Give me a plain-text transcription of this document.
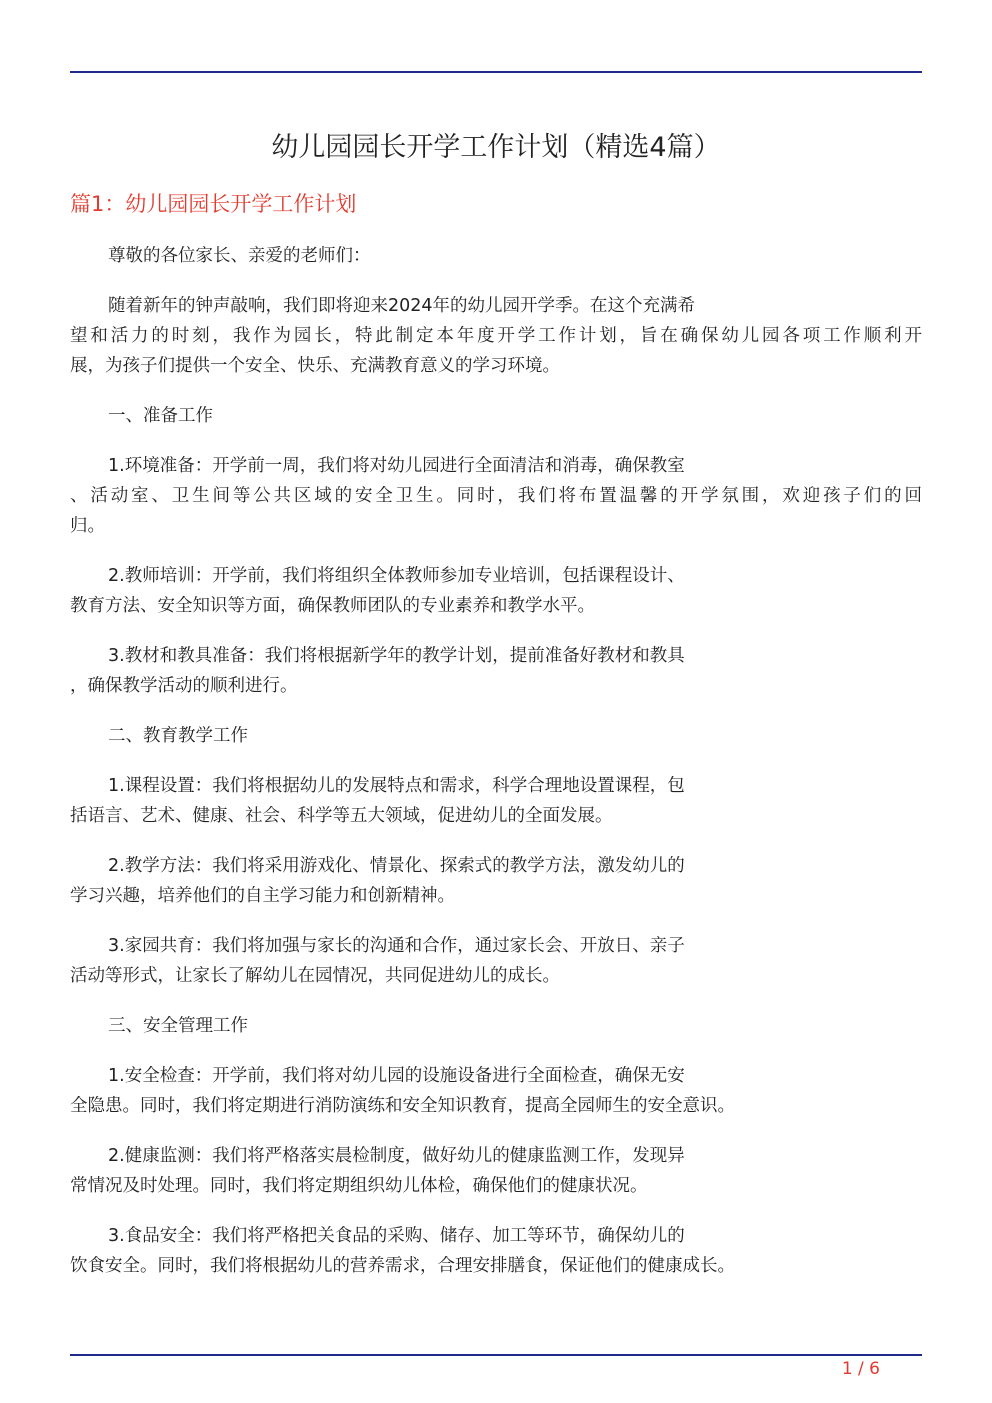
幼儿园园长开学工作计划（精选4篇）
篇1：幼儿园园长开学工作计划

尊敬的各位家长、亲爱的老师们：

随着新年的钟声敲响，我们即将迎来2024年的幼儿园开学季。在这个充满希
望和活力的时刻，我作为园长，特此制定本年度开学工作计划，旨在确保幼儿园各项工作顺利开
展，为孩子们提供一个安全、快乐、充满教育意义的学习环境。

一、准备工作

1.环境准备：开学前一周，我们将对幼儿园进行全面清洁和消毒，确保教室
、活动室、卫生间等公共区域的安全卫生。同时，我们将布置温馨的开学氛围，欢迎孩子们的回
归。

2.教师培训：开学前，我们将组织全体教师参加专业培训，包括课程设计、
教育方法、安全知识等方面，确保教师团队的专业素养和教学水平。

3.教材和教具准备：我们将根据新学年的教学计划，提前准备好教材和教具
，确保教学活动的顺利进行。

二、教育教学工作

1.课程设置：我们将根据幼儿的发展特点和需求，科学合理地设置课程，包
括语言、艺术、健康、社会、科学等五大领域，促进幼儿的全面发展。

2.教学方法：我们将采用游戏化、情景化、探索式的教学方法，激发幼儿的
学习兴趣，培养他们的自主学习能力和创新精神。

3.家园共育：我们将加强与家长的沟通和合作，通过家长会、开放日、亲子
活动等形式，让家长了解幼儿在园情况，共同促进幼儿的成长。

三、安全管理工作

1.安全检查：开学前，我们将对幼儿园的设施设备进行全面检查，确保无安
全隐患。同时，我们将定期进行消防演练和安全知识教育，提高全园师生的安全意识。

2.健康监测：我们将严格落实晨检制度，做好幼儿的健康监测工作，发现异
常情况及时处理。同时，我们将定期组织幼儿体检，确保他们的健康状况。

3.食品安全：我们将严格把关食品的采购、储存、加工等环节，确保幼儿的
饮食安全。同时，我们将根据幼儿的营养需求，合理安排膳食，保证他们的健康成长。

1 / 6
